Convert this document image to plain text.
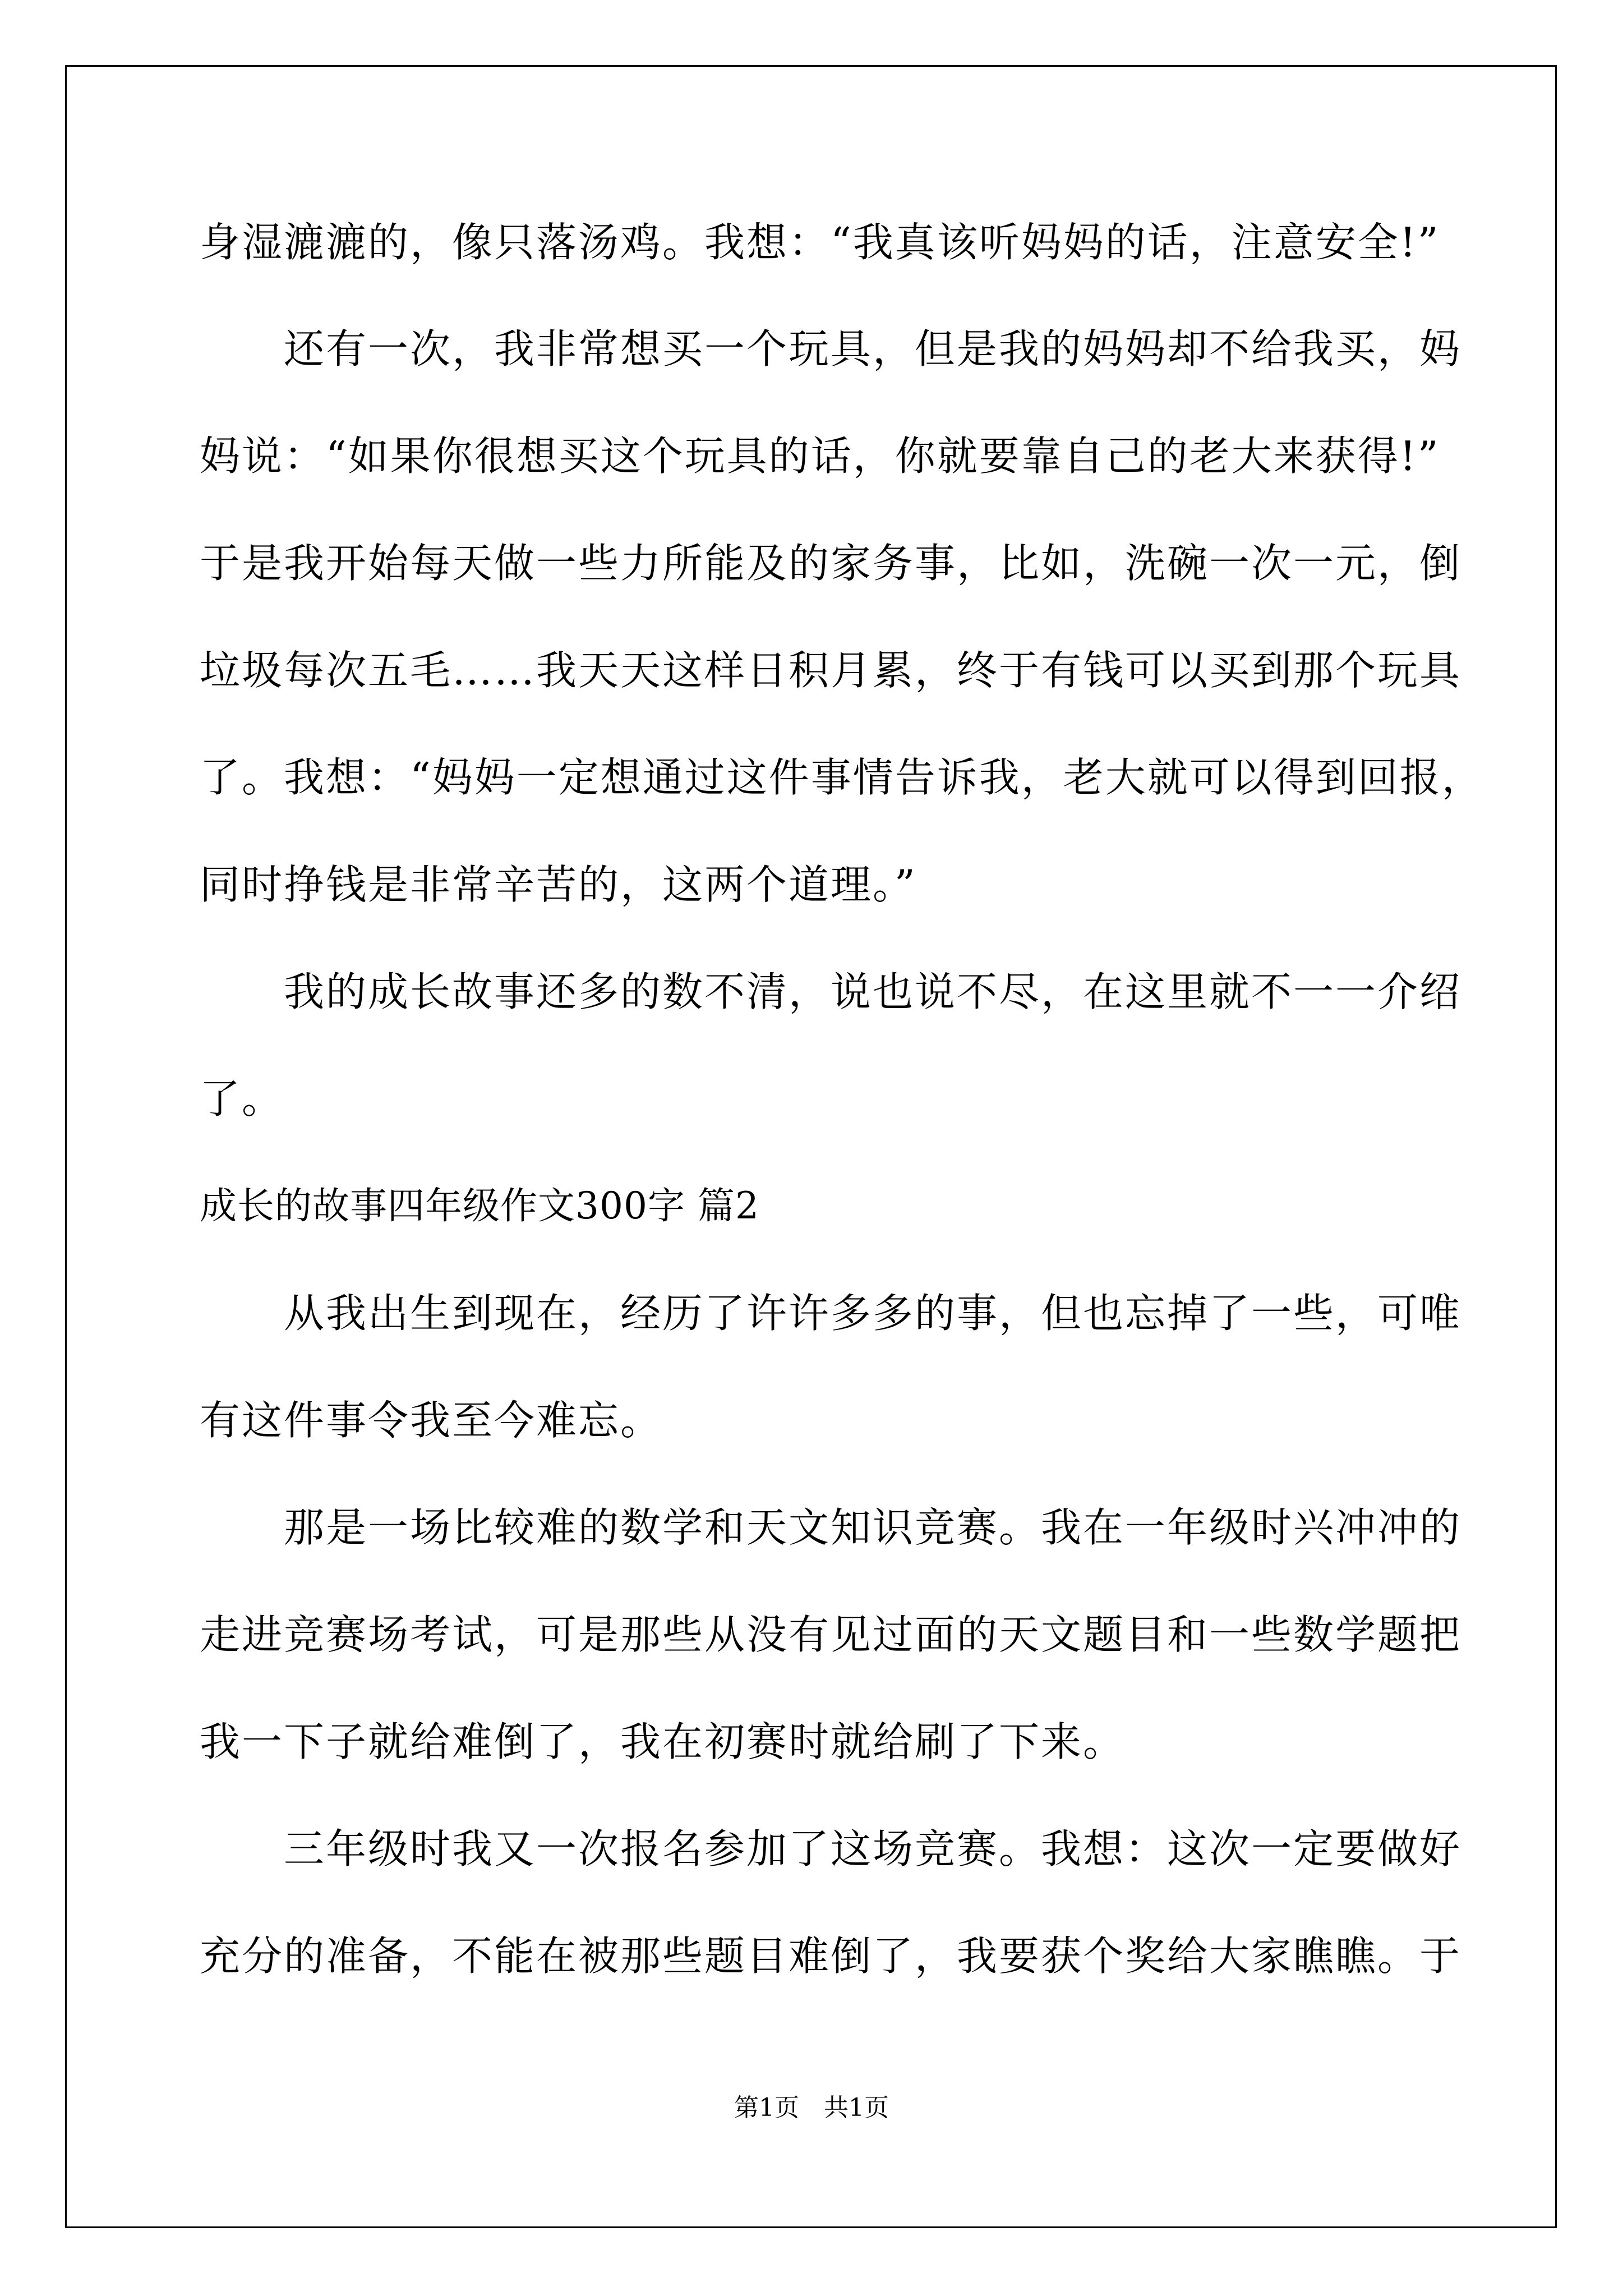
身湿漉漉的，像只落汤鸡。我想：“我真该听妈妈的话，注意安全!”
　　还有一次，我非常想买一个玩具，但是我的妈妈却不给我买，妈
妈说：“如果你很想买这个玩具的话，你就要靠自己的老大来获得!”
于是我开始每天做一些力所能及的家务事，比如，洗碗一次一元，倒
垃圾每次五毛……我天天这样日积月累，终于有钱可以买到那个玩具
了。我想：“妈妈一定想通过这件事情告诉我，老大就可以得到回报，
同时挣钱是非常辛苦的，这两个道理。”
　　我的成长故事还多的数不清，说也说不尽，在这里就不一一介绍
了。
成长的故事四年级作文300字 篇2
　　从我出生到现在，经历了许许多多的事，但也忘掉了一些，可唯
有这件事令我至今难忘。
　　那是一场比较难的数学和天文知识竞赛。我在一年级时兴冲冲的
走进竞赛场考试，可是那些从没有见过面的天文题目和一些数学题把
我一下子就给难倒了，我在初赛时就给刷了下来。
　　三年级时我又一次报名参加了这场竞赛。我想：这次一定要做好
充分的准备，不能在被那些题目难倒了，我要获个奖给大家瞧瞧。于
第1页　共1页
